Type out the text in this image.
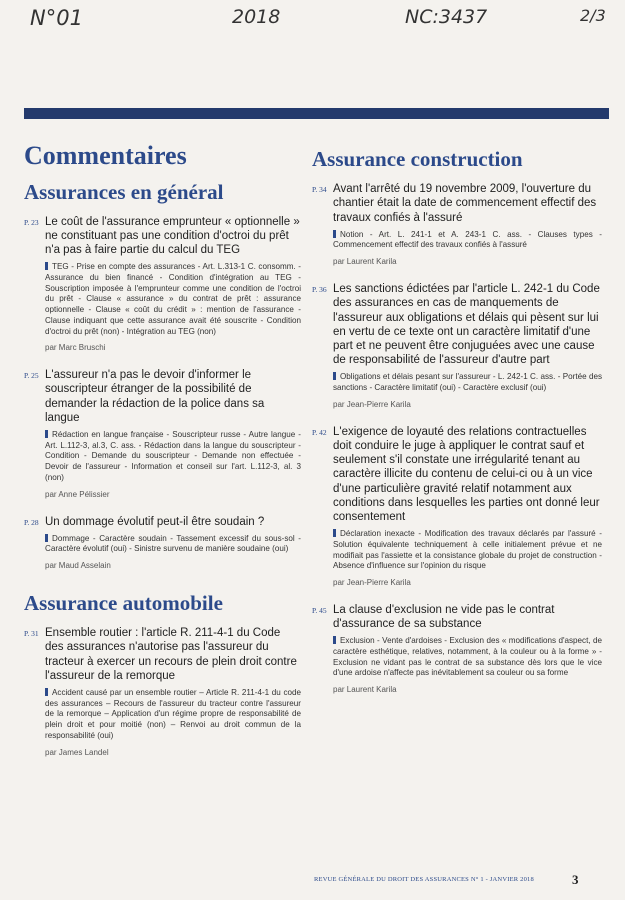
N°01	2018	NC:3437	2/3
Commentaires
Assurances en général
P. 23 Le coût de l'assurance emprunteur « optionnelle » ne constituant pas une condition d'octroi du prêt n'a pas à faire partie du calcul du TEG

TEG - Prise en compte des assurances - Art. L.313-1 C. consomm. - Assurance du bien financé - Condition d'intégration au TEG - Souscription imposée à l'emprunteur comme une condition de l'octroi du prêt - Clause « assurance » du contrat de prêt : assurance optionnelle - Clause « coût du crédit » : mention de l'assurance - Clause indiquant que cette assurance avait été souscrite - Condition d'octroi du prêt (non) - Intégration au TEG (non)

par Marc Bruschi

P. 25 L'assureur n'a pas le devoir d'informer le souscripteur étranger de la possibilité de demander la rédaction de la police dans sa langue

Rédaction en langue française - Souscripteur russe - Autre langue - Art. L.112-3, al.3, C. ass. - Rédaction dans la langue du souscripteur - Condition - Demande du souscripteur - Demande non effectuée - Devoir de l'assureur - Information et conseil sur l'art. L.112-3, al. 3 (non)

par Anne Pélissier

P. 28 Un dommage évolutif peut-il être soudain ?

Dommage - Caractère soudain - Tassement excessif du sous-sol - Caractère évolutif (oui) - Sinistre survenu de manière soudaine (oui)

par Maud Asselain

Assurance automobile
P. 31 Ensemble routier : l'article R. 211-4-1 du Code des assurances n'autorise pas l'assureur du tracteur à exercer un recours de plein droit contre l'assureur de la remorque

Accident causé par un ensemble routier – Article R. 211-4-1 du code des assurances – Recours de l'assureur du tracteur contre l'assureur de la remorque – Application d'un régime propre de responsabilité de plein droit et pour moitié (non) – Renvoi au droit commun de la responsabilité (oui)

par James Landel

Assurance construction
P. 34 Avant l'arrêté du 19 novembre 2009, l'ouverture du chantier était la date de commencement effectif des travaux confiés à l'assuré

Notion - Art. L. 241-1 et A. 243-1 C. ass. - Clauses types - Commencement effectif des travaux confiés à l'assuré

par Laurent Karila

P. 36 Les sanctions édictées par l'article L. 242-1 du Code des assurances en cas de manquements de l'assureur aux obligations et délais qui pèsent sur lui en vertu de ce texte ont un caractère limitatif d'une part et ne peuvent être conjuguées avec une cause de responsabilité de l'assureur d'autre part

Obligations et délais pesant sur l'assureur - L. 242-1 C. ass. - Portée des sanctions - Caractère limitatif (oui) - Caractère exclusif (oui)

par Jean-Pierre Karila

P. 42 L'exigence de loyauté des relations contractuelles doit conduire le juge à appliquer le contrat sauf et seulement s'il constate une irrégularité tenant au caractère illicite du contenu de celui-ci ou à un vice d'une particulière gravité relatif notamment aux conditions dans lesquelles les parties ont donné leur consentement

Déclaration inexacte - Modification des travaux déclarés par l'assuré - Solution équivalente techniquement à celle initialement prévue et ne modifiait pas l'assiette et la consistance globale du projet de construction - Absence d'influence sur l'opinion du risque

par Jean-Pierre Karila

P. 45 La clause d'exclusion ne vide pas le contrat d'assurance de sa substance

Exclusion - Vente d'ardoises - Exclusion des « modifications d'aspect, de caractère esthétique, relatives, notamment, à la couleur ou à la forme » - Exclusion ne vidant pas le contrat de sa substance dès lors que le vice d'une ardoise n'affecte pas inévitablement sa couleur ou sa forme

par Laurent Karila

REVUE GÉNÉRALE DU DROIT DES ASSURANCES N° 1 - JANVIER 2018	3
